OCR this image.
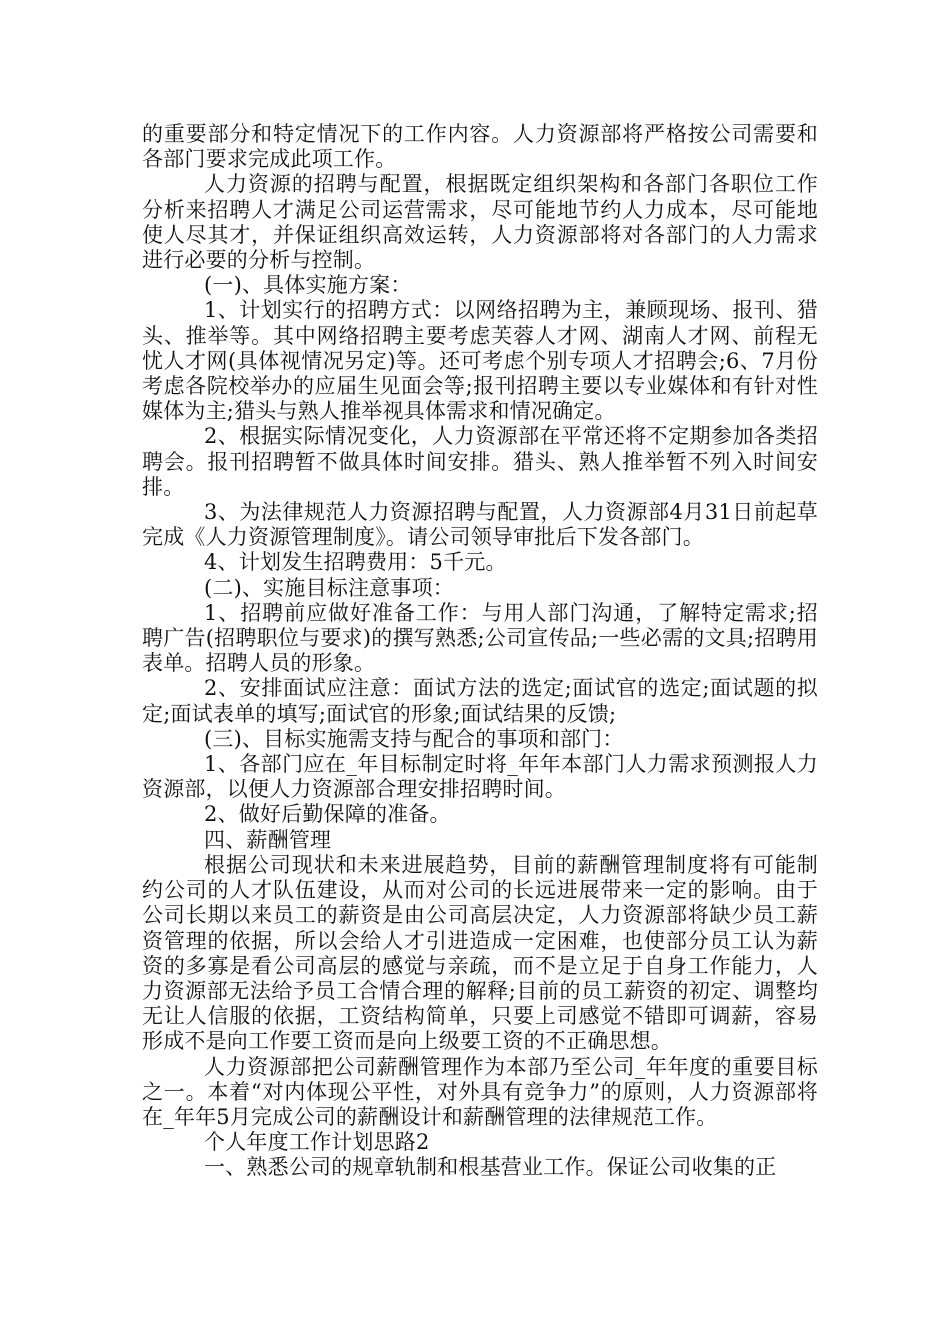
的重要部分和特定情况下的工作内容。人力资源部将严格按公司需要和各部门要求完成此项工作。

人力资源的招聘与配置，根据既定组织架构和各部门各职位工作分析来招聘人才满足公司运营需求，尽可能地节约人力成本，尽可能地使人尽其才，并保证组织高效运转，人力资源部将对各部门的人力需求进行必要的分析与控制。

(一)、具体实施方案：

1、计划实行的招聘方式：以网络招聘为主，兼顾现场、报刊、猎头、推举等。其中网络招聘主要考虑芙蓉人才网、湖南人才网、前程无忧人才网(具体视情况另定)等。还可考虑个别专项人才招聘会;6、7月份考虑各院校举办的应届生见面会等;报刊招聘主要以专业媒体和有针对性媒体为主;猎头与熟人推举视具体需求和情况确定。

2、根据实际情况变化，人力资源部在平常还将不定期参加各类招聘会。报刊招聘暂不做具体时间安排。猎头、熟人推举暂不列入时间安排。

3、为法律规范人力资源招聘与配置，人力资源部4月31日前起草完成《人力资源管理制度》。请公司领导审批后下发各部门。

4、计划发生招聘费用：5千元。

(二)、实施目标注意事项：

1、招聘前应做好准备工作：与用人部门沟通，了解特定需求;招聘广告(招聘职位与要求)的撰写熟悉;公司宣传品;一些必需的文具;招聘用表单。招聘人员的形象。

2、安排面试应注意：面试方法的选定;面试官的选定;面试题的拟定;面试表单的填写;面试官的形象;面试结果的反馈;

(三)、目标实施需支持与配合的事项和部门：

1、各部门应在_年目标制定时将_年年本部门人力需求预测报人力资源部，以便人力资源部合理安排招聘时间。

2、做好后勤保障的准备。

四、薪酬管理

根据公司现状和未来进展趋势，目前的薪酬管理制度将有可能制约公司的人才队伍建设，从而对公司的长远进展带来一定的影响。由于公司长期以来员工的薪资是由公司高层决定，人力资源部将缺少员工薪资管理的依据，所以会给人才引进造成一定困难，也使部分员工认为薪资的多寡是看公司高层的感觉与亲疏，而不是立足于自身工作能力，人力资源部无法给予员工合情合理的解释;目前的员工薪资的初定、调整均无让人信服的依据，工资结构简单，只要上司感觉不错即可调薪，容易形成不是向工作要工资而是向上级要工资的不正确思想。

人力资源部把公司薪酬管理作为本部乃至公司_年年度的重要目标之一。本着“对内体现公平性，对外具有竞争力”的原则，人力资源部将在_年年5月完成公司的薪酬设计和薪酬管理的法律规范工作。

个人年度工作计划思路2

一、熟悉公司的规章轨制和根基营业工作。保证公司收集的正
